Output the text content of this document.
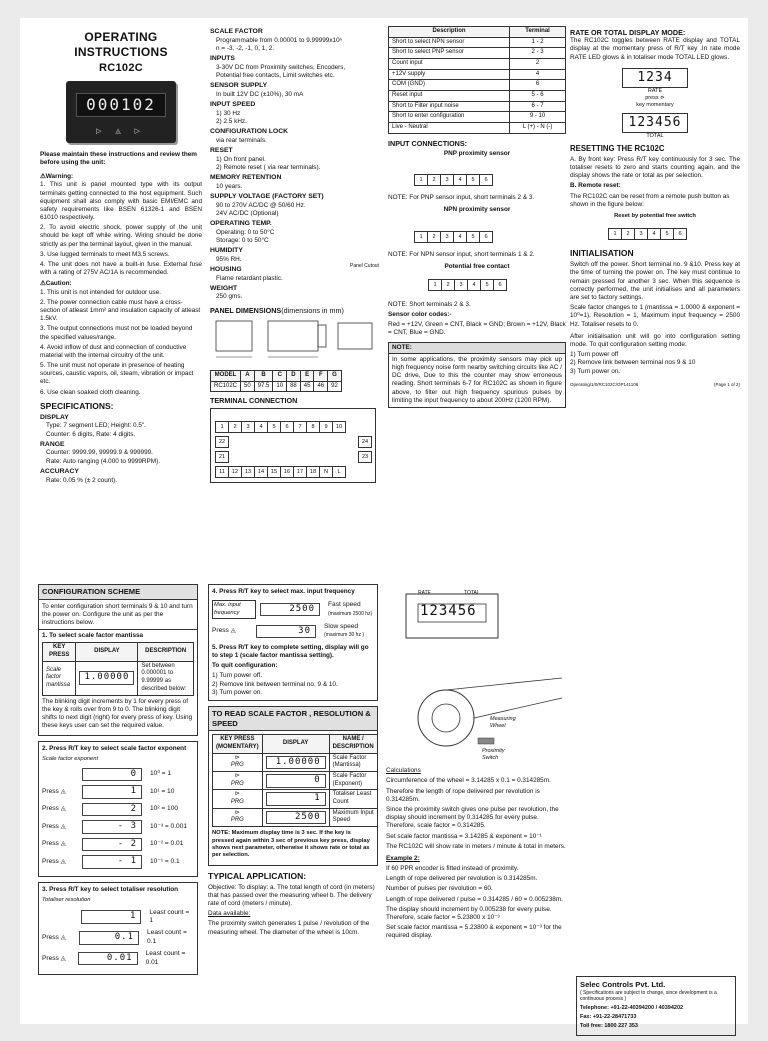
OPERATING INSTRUCTIONS
RC102C
000102
▷ ◬ ▷

Please maintain these instructions and review them before using the unit:

⚠Warning:

1. This unit is panel mounted type with its output terminals getting connected to the host equipment. Such equipment shall also comply with basic EMI/EMC and safety requirements like BSEN 61326-1 and BSEN 61010 respectively.

2. To avoid electric shock, power supply of the unit should be kept off while wiring. Wiring should be done strictly as per the terminal layout, given in the manual.

3. Use lugged terminals to meet M3.5 screws.

4. The unit does not have a built-in fuse. External fuse with a rating of 275V AC/1A is recommended.

⚠Caution:

1. This unit is not intended for outdoor use.

2. The power connection cable must have a cross-section of atleast 1mm² and insulation capacity of atleast 1.5kV.

3. The output connections must not be loaded beyond the specified values/range.

4. Avoid inflow of dust and connection of conductive material with the internal circuitry of the unit.

5. The unit must not operate in presence of heating sources, caustic vapors, oil, steam, vibration or impact etc.

6. Use clean soaked cloth cleaning.

SPECIFICATIONS:
DISPLAY
Type: 7 segment LED; Height: 0.5".
Counter: 6 digits, Rate: 4 digits.
RANGE
Counter: 9999.99, 99999.9 & 999999.
Rate: Auto ranging (4.000 to 9999RPM).
ACCURACY
Rate: 0.05 % (± 2 count).
SCALE FACTOR
Programmable from 0.00001 to 9.99999x10ⁿ
n = -3, -2, -1, 0, 1, 2.
INPUTS
3-30V DC from Proximity switches, Encoders,
Potential free contacts, Limit switches etc.
SENSOR SUPPLY
In built 12V DC (±10%), 30 mA
INPUT SPEED
1) 30 Hz
2) 2.5 kHz.
CONFIGURATION LOCK
via rear terminals.
RESET
1) On front panel.
2) Remote reset ( via rear terminals).
MEMORY RETENTION
10 years.
SUPPLY VOLTAGE (FACTORY SET)
90 to 270V AC/DC @ 50/60 Hz.
24V AC/DC (Optional)
OPERATING TEMP.
Operating: 0 to 50°C
Storage: 0 to 50°C
HUMIDITY
95% RH.
HOUSING
Flame retardant plastic.
WEIGHT
250 gms.
PANEL DIMENSIONS(dimensions in mm)
Panel Cutout
MODEL	A	B	C	D	E	F	G
RC102C	50	97.5	10	88	45	46	92
TERMINAL CONNECTION
1	2	3	4	5	6	7	8	9	10
22	24
21	23
11	12	13	14	15	16	17	18	N	L
Description	Terminal
Short to select NPN sensor	1 - 2
Short to select PNP sensor	2 - 3
Count input	2
+12V supply	4
COM (GND)	6
Reset input	5 - 6
Short to Filter input noise	6 - 7
Short to enter configuration	9 - 10
Live - Neutral	L (+) - N (-)
INPUT CONNECTIONS:
PNP proximity sensor
1	2	3	4	5	6

NOTE: For PNP sensor input, short terminals 2 & 3.

NPN proximity sensor
1	2	3	4	5	6

NOTE: For NPN sensor input, short terminals 1 & 2.

Potential free contact
1	2	3	4	5	6

NOTE: Short terminals 2 & 3.

Sensor color codes:-

Red = +12V, Green = CNT, Black = GND; Brown = +12V, Black = CNT, Blue = GND.

NOTE:
In some applications, the proximity sensors may pick up high frequency noise form nearby switching circuits like AC / DC drive, Due to this the counter may show erroneous reading. Short terminals 6-7 for RC102C as shown in figure above, to filter out high frequency spurious pulses by limiting the input frequency to about 200Hz (1200 RPM).
RATE OR TOTAL DISPLAY MODE:

The RC102C toggles between RATE display and TOTAL display at the momentary press of R/T key .In rate mode RATE LED glows & in totaliser mode TOTAL LED glows.

1234
RATE
press ⊳
key momentary
123456
TOTAL
RESETTING THE RC102C

A. By front key: Press R/T key continuously for 3 sec. The totaliser resets to zero and starts counting again, and the display shows the rate or total as per selection.

B. Remote reset:

The RC102C can be reset from a remote push button as shown in the figure below:

Reset by potential free switch
1	2	3	4	5	6
INITIALISATION

Switch off the power. Short terminal no. 9 &10. Press key at the time of turning the power on. The key must continue to remain pressed for another 3 sec. When this sequence is correctly performed, the unit initialises and all parameters are set to factory settings.

Scale factor changes to 1 (mantissa = 1.0000 & exponent = 10⁰=1), Resolution = 1, Maximum input frequency = 2500 Hz. Totaliser resets to 0.

After initialisation unit will go into configuration setting mode. To quit configuration setting mode:

1) Turn power off
2) Remove link between terminal nos 9 & 10
3) Turn power on.
Operating/1/0/RC102C/OP141106	(Page 1 of 2)
CONFIGURATION SCHEME

To enter configuration short terminals 9 & 10 and turn the power on. Configure the unit as per the instructions below.

1. To select scale factor mantissa
KEY PRESS	DISPLAY	DESCRIPTION
Scale factor mantissa	1.00000	Set between 0.000001 to 9.99999 as described below:

The blinking digit increments by 1 for every press of the key & rolls over from 9 to 0. The blinking digit shifts to next digit (right) for every press of key. Using these keys user can set the required value.

2. Press R/T key to select scale factor exponent
Scale factor exponent
0	10⁰ = 1
Press ◬	1	10¹ = 10
Press ◬	2	10² = 100
Press ◬	- 3	10⁻³ = 0.001
Press ◬	- 2	10⁻² = 0.01
Press ◬	- 1	10⁻¹ = 0.1
3. Press R/T key to select totaliser resolution
Totaliser resolution
1	Least count = 1
Press ◬	0.1	Least count = 0.1
Press ◬	0.01	Least count = 0.01
4. Press R/T key to select max. input frequency
Max. input frequency	2500	Fast speed
(maximum 2500 hz)
Press ◬	30	Slow speed
(maximum 30 hz )

5. Press R/T key to complete setting, display will go to step 1 (scale factor mantissa setting).

To quit configuration:

1) Turn power off.
2) Remove link between terminal no. 9 & 10.
3) Turn power on.
TO READ SCALE FACTOR , RESOLUTION & SPEED
KEY PRESS (MOMENTARY)	DISPLAY	NAME / DESCRIPTION

⊳
PRG	1.00000	Scale Factor (Mantissa)

⊳
PRG	0	Scale Factor (Exponent)

⊳
PRG	1	Totaliser Least Count

⊳
PRG	2500	Maximum Input Speed

NOTE: Maximum display time is 3 sec. If the key is pressed again within 3 sec of previous key press, display shows next parameter, otherwise it shows rate or total as per selection.

TYPICAL APPLICATION:

Objective: To display: a. The total length of cord (in meters) that has passed over the measuring wheel b. The delivery rate of cord (meters / minute).

Data available:

The proximity switch generates 1 pulse / revolution of the measuring wheel. The diameter of the wheel is 10cm.

RATE	TOTAL
123456
Measuring Wheel
Proximity Switch

Calculations

Circumference of the wheel = 3.14285 x 0.1 = 0.314285m.

Therefore the length of rope delivered per revolution is 0.314285m.

Since the proximity switch gives one pulse per revolution, the display should increment by 0.314285 for every pulse. Therefore, scale factor = 0.314285.

Set scale factor mantissa = 3.14285 & exponent = 10⁻¹

The RC102C will show rate in meters / minute & total in meters.

Example 2:

If 60 PPR encoder is fitted instead of proximity.

Length of rope delivered per revolution is 0.314285m.

Number of pulses per revolution = 60.

Length of rope delivered / pulse = 0.314285 / 60 = 0.005238m.

The display should increment by 0.005238 for every pulse. Therefore, scale factor = 5.23800 x 10⁻³

Set scale factor mantissa = 5.23800 & exponent = 10⁻³ for the required display.

Selec Controls Pvt. Ltd.

( Specifications are subject to change, since development is a continuous process )

Telephone: +91-22-40394200 / 40394202

Fax: +91-22-28471733

Toll free: 1800 227 353
